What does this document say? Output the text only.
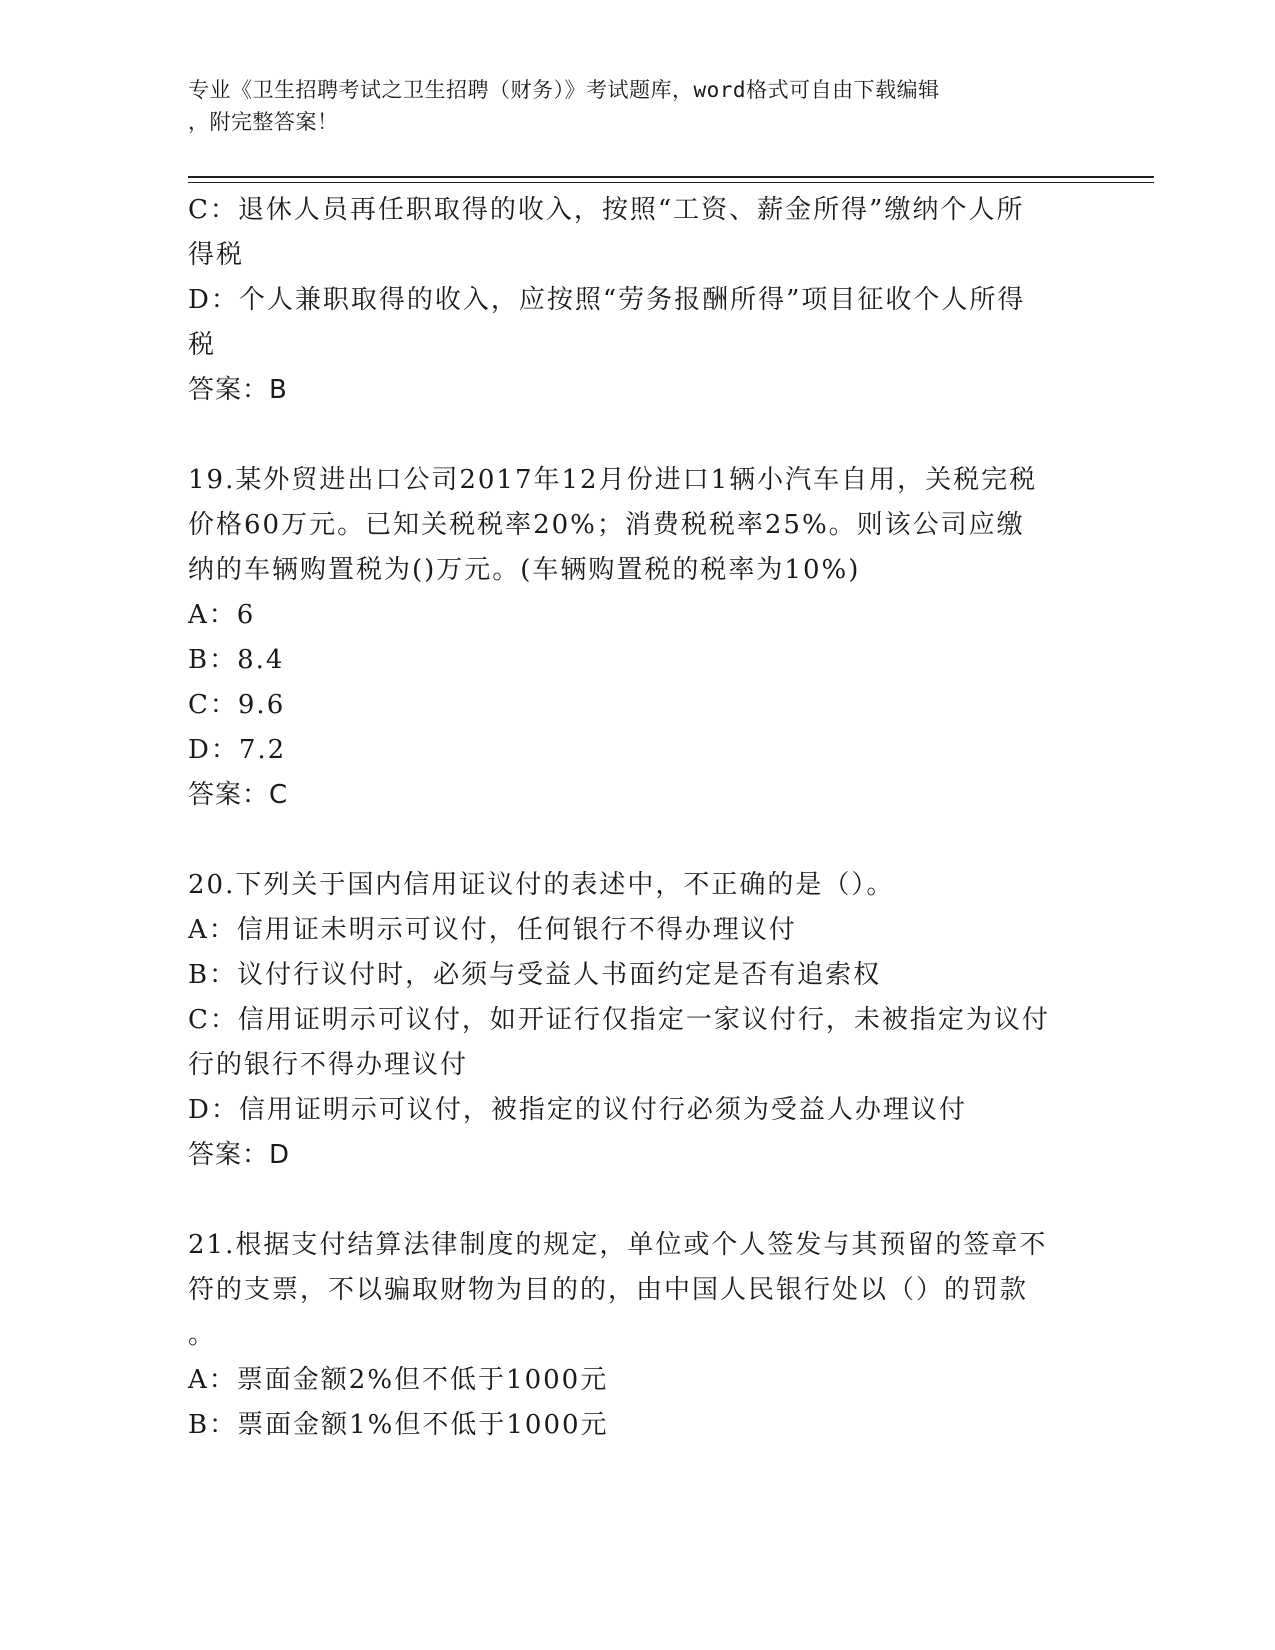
专业《卫生招聘考试之卫生招聘（财务）》考试题库，word格式可自由下载编辑
，附完整答案！
C：退休人员再任职取得的收入，按照“工资、薪金所得”缴纳个人所
得税
D：个人兼职取得的收入，应按照“劳务报酬所得”项目征收个人所得
税
答案：B
19.某外贸进出口公司2017年12月份进口1辆小汽车自用，关税完税
价格60万元。已知关税税率20%；消费税税率25%。则该公司应缴
纳的车辆购置税为()万元。(车辆购置税的税率为10%)
A：6
B：8.4
C：9.6
D：7.2
答案：C
20.下列关于国内信用证议付的表述中，不正确的是（）。
A：信用证未明示可议付，任何银行不得办理议付
B：议付行议付时，必须与受益人书面约定是否有追索权
C：信用证明示可议付，如开证行仅指定一家议付行，未被指定为议付
行的银行不得办理议付
D：信用证明示可议付，被指定的议付行必须为受益人办理议付
答案：D
21.根据支付结算法律制度的规定，单位或个人签发与其预留的签章不
符的支票，不以骗取财物为目的的，由中国人民银行处以（）的罚款
。
A：票面金额2%但不低于1000元
B：票面金额1%但不低于1000元
